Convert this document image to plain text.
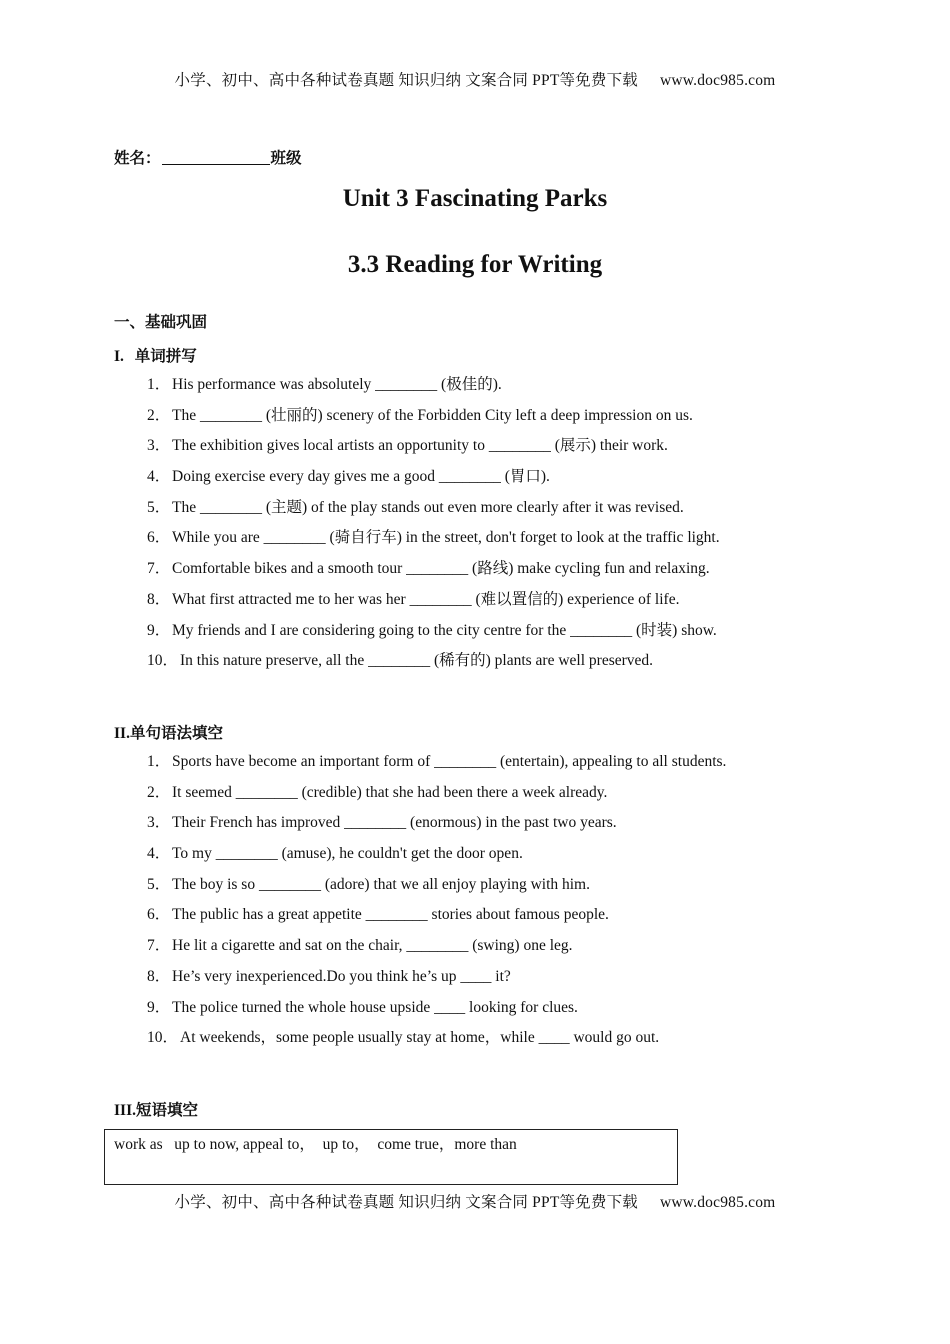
小学、初中、高中各种试卷真题 知识归纳 文案合同 PPT等免费下载 www.doc985.com
姓名：	班级
Unit 3 Fascinating Parks
3.3 Reading for Writing
一、基础巩固
I. 单词拼写
1． His performance was absolutely ________ (极佳的).
2． The ________ (壮丽的) scenery of the Forbidden City left a deep impression on us.
3． The exhibition gives local artists an opportunity to ________ (展示) their work.
4． Doing exercise every day gives me a good ________ (胃口).
5． The ________ (主题) of the play stands out even more clearly after it was revised.
6． While you are ________ (骑自行车) in the street, don't forget to look at the traffic light.
7． Comfortable bikes and a smooth tour ________ (路线) make cycling fun and relaxing.
8． What first attracted me to her was her ________ (难以置信的) experience of life.
9． My friends and I are considering going to the city centre for the ________ (时装) show.
10． In this nature preserve, all the ________ (稀有的) plants are well preserved.
II.单句语法填空
1． Sports have become an important form of ________ (entertain), appealing to all students.
2． It seemed ________ (credible) that she had been there a week already.
3． Their French has improved ________ (enormous) in the past two years.
4． To my ________ (amuse), he couldn't get the door open.
5． The boy is so ________ (adore) that we all enjoy playing with him.
6． The public has a great appetite ________ stories about famous people.
7． He lit a cigarette and sat on the chair, ________ (swing) one leg.
8． He’s very inexperienced.Do you think he’s up ____ it?
9． The police turned the whole house upside ____ looking for clues.
10． At weekends，some people usually stay at home，while ____ would go out.
III.短语填空
work as   up to now, appeal to，  up to，  come true，more than
小学、初中、高中各种试卷真题 知识归纳 文案合同 PPT等免费下载 www.doc985.com
